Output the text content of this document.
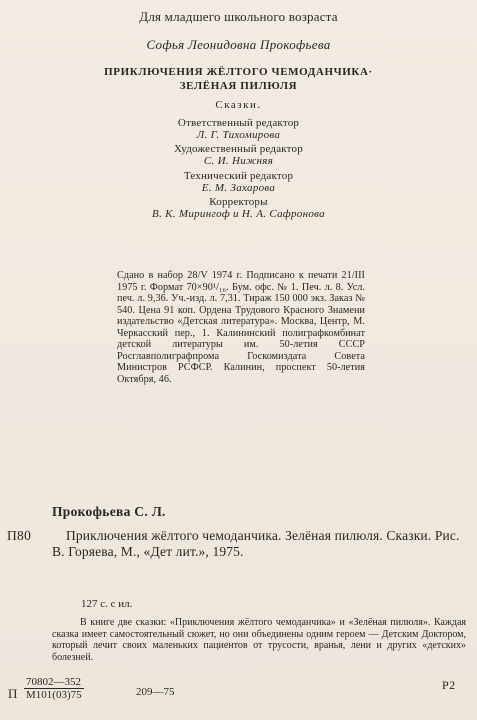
Для младшего школьного возраста
Софья Леонидовна Прокофьева
ПРИКЛЮЧЕНИЯ ЖЁЛТОГО ЧЕМОДАНЧИКА·
ЗЕЛЁНАЯ ПИЛЮЛЯ
Сказки.
Ответственный редактор
Л. Г. Тихомирова
Художественный редактор
С. И. Нижняя
Технический редактор
Е. М. Захарова
Корректоры
В. К. Мирингоф и Н. А. Сафронова

Сдано в набор 28/V 1974 г. Подписано к печати 21/III 1975 г. Формат 70×90¹/₁₆. Бум. офс. № 1. Печ. л. 8. Усл. печ. л. 9,36. Уч.-изд. л. 7,31. Тираж 150 000 экз. Заказ № 540. Цена 91 коп. Ордена Трудового Красного Знамени издательство «Детская литература». Москва, Центр, М. Черкасский пер., 1. Калининский полиграфкомбинат детской литературы им. 50-летия СССР Росглавполиграфпрома Госкомиздата Совета Министров РСФСР. Калинин, проспект 50-летия Октября, 46.

Прокофьева С. Л.
П80	Приключения жёлтого чемоданчика. Зелёная пилюля. Сказки. Рис. В. Горяева, М., «Дет лит.», 1975.
127 с. с ил.
В книге две сказки: «Приключения жёлтого чемоданчика» и «Зелёная пилюля». Каждая сказка имеет самостоятельный сюжет, но они объединены одним героем — Детским Доктором, который лечит своих маленьких пациентов от трусости, вранья, лени и других «детских» болезней.
П
70802—352
М101(03)75	209—75	Р2
